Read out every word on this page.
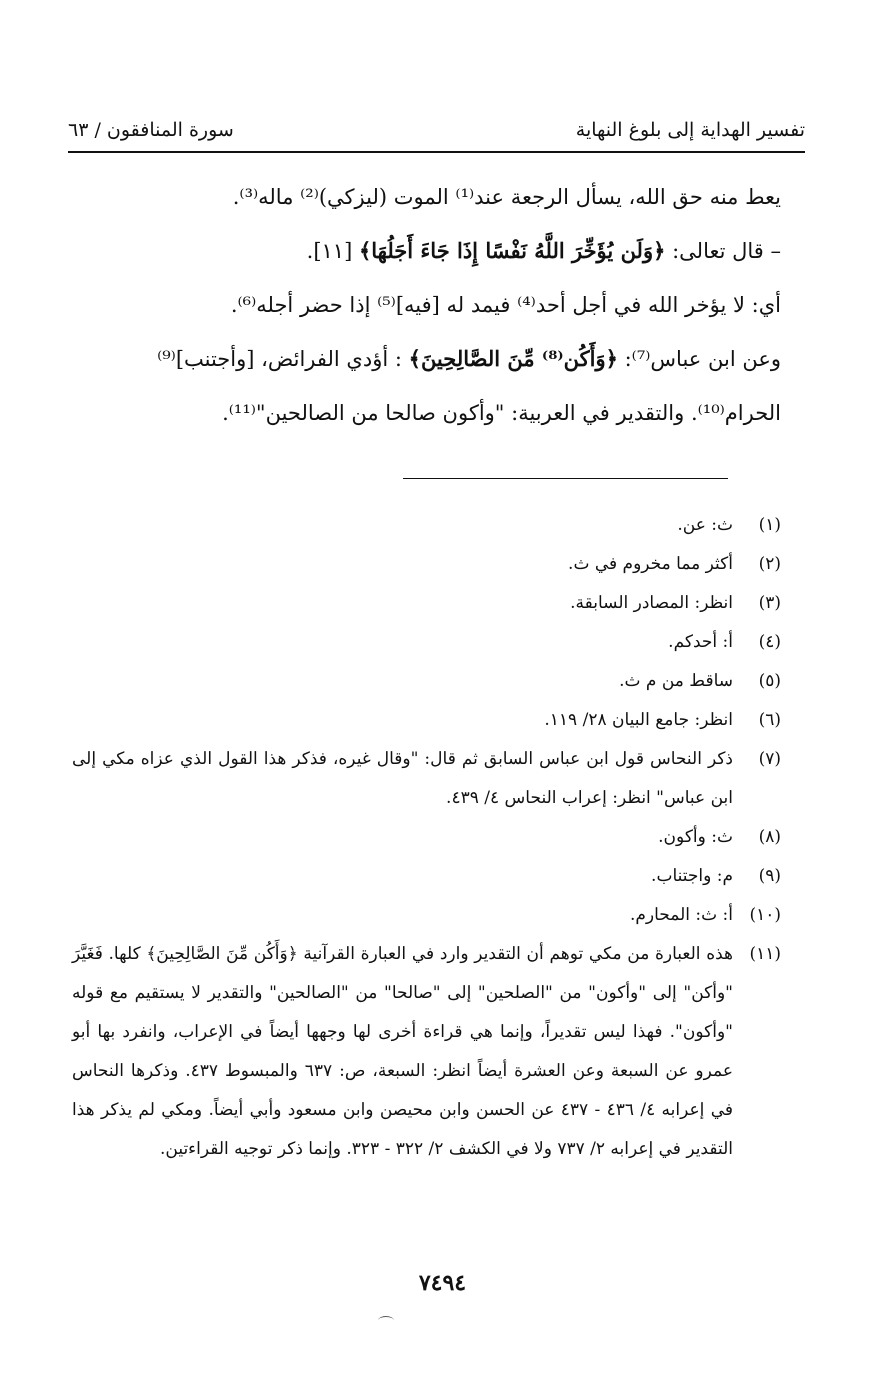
تفسير الهداية إلى بلوغ النهاية
سورة المنافقون / ٦٣

يعط منه حق الله، يسأل الرجعة عند⁽¹⁾ الموت (ليزكي)⁽²⁾ ماله⁽³⁾.

– قال تعالى: ﴿وَلَن يُؤَخِّرَ اللَّهُ نَفْسًا إِذَا جَاءَ أَجَلُهَا﴾ [١١].

أي: لا يؤخر الله في أجل أحد⁽⁴⁾ فيمد له [فيه]⁽⁵⁾ إذا حضر أجله⁽⁶⁾.

وعن ابن عباس⁽⁷⁾: ﴿وَأَكُن⁽⁸⁾ مِّنَ الصَّالِحِينَ﴾ : أؤدي الفرائض، [وأجتنب]⁽⁹⁾

الحرام⁽¹⁰⁾. والتقدير في العربية: "وأكون صالحا من الصالحين"⁽¹¹⁾.

(١)
ث: عن.
(٢)
أكثر مما مخروم في ث.
(٣)
انظر: المصادر السابقة.
(٤)
أ: أحدكم.
(٥)
ساقط من م ث.
(٦)
انظر: جامع البيان ٢٨/ ١١٩.
(٧)
ذكر النحاس قول ابن عباس السابق ثم قال: "وقال غيره، فذكر هذا القول الذي عزاه مكي إلى ابن عباس" انظر: إعراب النحاس ٤/ ٤٣٩.
(٨)
ث: وأكون.
(٩)
م: واجتناب.
(١٠)
أ: ث: المحارم.
(١١)
هذه العبارة من مكي توهم أن التقدير وارد في العبارة القرآنية ﴿وَأَكُن مِّنَ الصَّالِحِينَ﴾ كلها. فَغَيَّرَ "وأكن" إلى "وأكون" من "الصلحين" إلى "صالحا" من "الصالحين" والتقدير لا يستقيم مع قوله "وأكون". فهذا ليس تقديراً، وإنما هي قراءة أخرى لها وجهها أيضاً في الإعراب، وانفرد بها أبو عمرو عن السبعة وعن العشرة أيضاً انظر: السبعة، ص: ٦٣٧ والمبسوط ٤٣٧. وذكرها النحاس في إعرابه ٤/ ٤٣٦ - ٤٣٧ عن الحسن وابن محيصن وابن مسعود وأبي أيضاً. ومكي لم يذكر هذا التقدير في إعرابه ٢/ ٧٣٧ ولا في الكشف ٢/ ٣٢٢ - ٣٢٣. وإنما ذكر توجيه القراءتين.
٧٤٩٤
